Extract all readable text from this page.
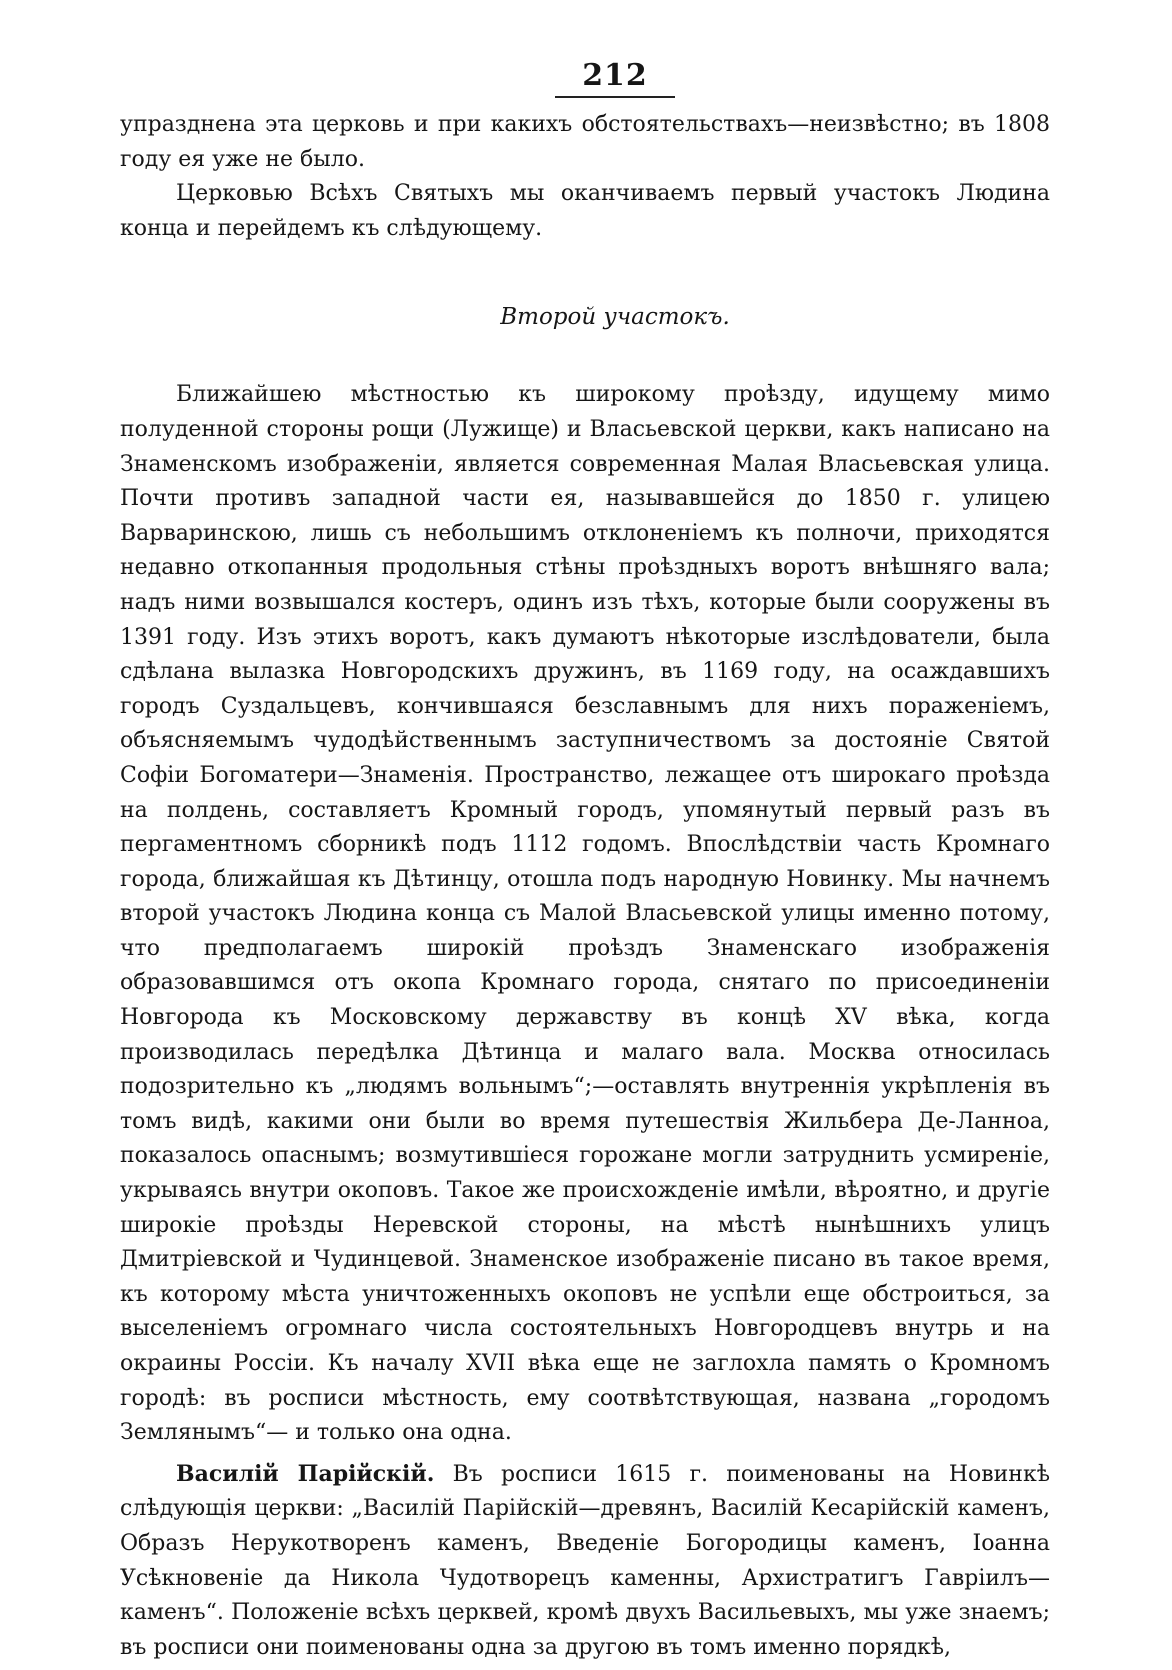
212

упразднена эта церковь и при какихъ обстоятельствахъ—неизвѣстно; въ 1808 году ея уже не было.

Церковью Всѣхъ Святыхъ мы оканчиваемъ первый участокъ Людина конца и перейдемъ къ слѣдующему.

Второй участокъ.

Ближайшею мѣстностью къ широкому проѣзду, идущему мимо полуденной стороны рощи (Лужище) и Власьевской церкви, какъ написано на Знаменскомъ изображеніи, является современная Малая Власьевская улица. Почти противъ западной части ея, называвшейся до 1850 г. улицею Варваринскою, лишь съ небольшимъ отклоненіемъ къ полночи, приходятся недавно откопанныя продольныя стѣны проѣздныхъ воротъ внѣшняго вала; надъ ними возвышался костеръ, одинъ изъ тѣхъ, которые были сооружены въ 1391 году. Изъ этихъ воротъ, какъ думаютъ нѣкоторые изслѣдователи, была сдѣлана вылазка Новгородскихъ дружинъ, въ 1169 году, на осаждавшихъ городъ Суздальцевъ, кончившаяся безславнымъ для нихъ пораженіемъ, объясняемымъ чудодѣйственнымъ заступничествомъ за достояніе Святой Софіи Богоматери—Знаменія. Пространство, лежащее отъ широкаго проѣзда на полдень, составляетъ Кромный городъ, упомянутый первый разъ въ пергаментномъ сборникѣ подъ 1112 годомъ. Впослѣдствіи часть Кромнаго города, ближайшая къ Дѣтинцу, отошла подъ народную Новинку. Мы начнемъ второй участокъ Людина конца съ Малой Власьевской улицы именно потому, что предполагаемъ широкій проѣздъ Знаменскаго изображенія образовавшимся отъ окопа Кромнаго города, снятаго по присоединеніи Новгорода къ Московскому державству въ концѣ XV вѣка, когда производилась передѣлка Дѣтинца и малаго вала. Москва относилась подозрительно къ „людямъ вольнымъ“;—оставлять внутреннія укрѣпленія въ томъ видѣ, какими они были во время путешествія Жильбера Де-Ланноа, показалось опаснымъ; возмутившіеся горожане могли затруднить усмиреніе, укрываясь внутри окоповъ. Такое же происхожденіе имѣли, вѣроятно, и другіе широкіе проѣзды Неревской стороны, на мѣстѣ нынѣшнихъ улицъ Дмитріевской и Чудинцевой. Знаменское изображеніе писано въ такое время, къ которому мѣста уничтоженныхъ окоповъ не успѣли еще обстроиться, за выселеніемъ огромнаго числа состоятельныхъ Новгородцевъ внутрь и на окраины Россіи. Къ началу XVII вѣка еще не заглохла память о Кромномъ городѣ: въ росписи мѣстность, ему соотвѣтствующая, названа „городомъ Землянымъ“— и только она одна.

Василій Парійскій. Въ росписи 1615 г. поименованы на Новинкѣ слѣдующія церкви: „Василій Парійскій—древянъ, Василій Кесарійскій каменъ, Образъ Нерукотворенъ каменъ, Введеніе Богородицы каменъ, Іоанна Усѣкновеніе да Никола Чудотворецъ каменны, Архистратигъ Гавріилъ—каменъ“. Положеніе всѣхъ церквей, кромѣ двухъ Васильевыхъ, мы уже знаемъ; въ росписи они поименованы одна за другою въ томъ именно порядкѣ,
